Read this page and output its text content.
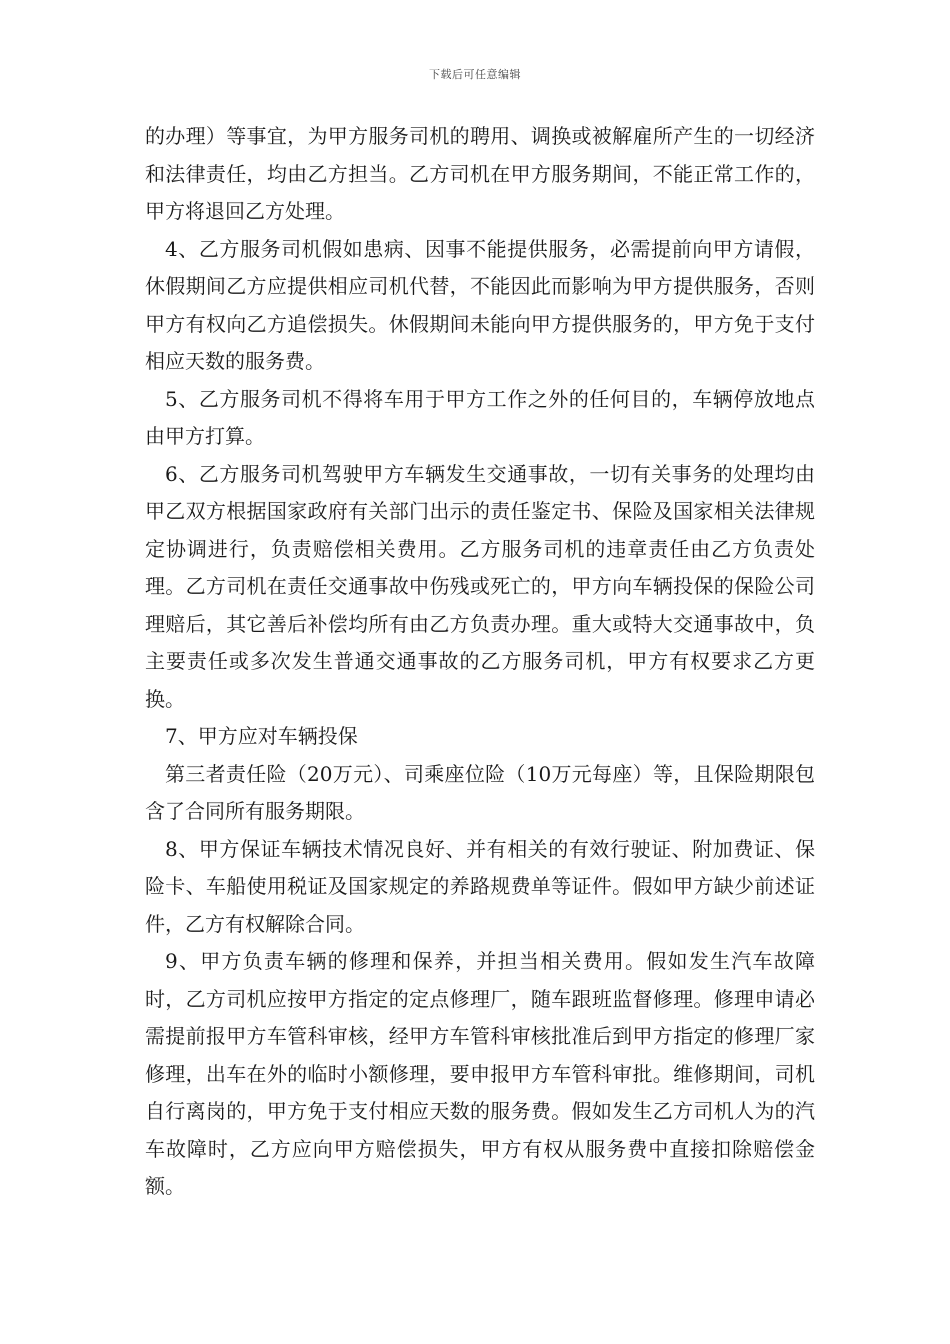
下载后可任意编辑

的办理）等事宜，为甲方服务司机的聘用、调换或被解雇所产生的一切经济和法律责任，均由乙方担当。乙方司机在甲方服务期间，不能正常工作的，甲方将退回乙方处理。

4、乙方服务司机假如患病、因事不能提供服务，必需提前向甲方请假，休假期间乙方应提供相应司机代替，不能因此而影响为甲方提供服务，否则甲方有权向乙方追偿损失。休假期间未能向甲方提供服务的，甲方免于支付相应天数的服务费。

5、乙方服务司机不得将车用于甲方工作之外的任何目的，车辆停放地点由甲方打算。

6、乙方服务司机驾驶甲方车辆发生交通事故，一切有关事务的处理均由甲乙双方根据国家政府有关部门出示的责任鉴定书、保险及国家相关法律规定协调进行，负责赔偿相关费用。乙方服务司机的违章责任由乙方负责处理。乙方司机在责任交通事故中伤残或死亡的，甲方向车辆投保的保险公司理赔后，其它善后补偿均所有由乙方负责办理。重大或特大交通事故中，负主要责任或多次发生普通交通事故的乙方服务司机，甲方有权要求乙方更换。

7、甲方应对车辆投保

第三者责任险（20万元）、司乘座位险（10万元每座）等，且保险期限包含了合同所有服务期限。

8、甲方保证车辆技术情况良好、并有相关的有效行驶证、附加费证、保险卡、车船使用税证及国家规定的养路规费单等证件。假如甲方缺少前述证件，乙方有权解除合同。

9、甲方负责车辆的修理和保养，并担当相关费用。假如发生汽车故障时，乙方司机应按甲方指定的定点修理厂，随车跟班监督修理。修理申请必需提前报甲方车管科审核，经甲方车管科审核批准后到甲方指定的修理厂家修理，出车在外的临时小额修理，要申报甲方车管科审批。维修期间，司机自行离岗的，甲方免于支付相应天数的服务费。假如发生乙方司机人为的汽车故障时，乙方应向甲方赔偿损失，甲方有权从服务费中直接扣除赔偿金额。
